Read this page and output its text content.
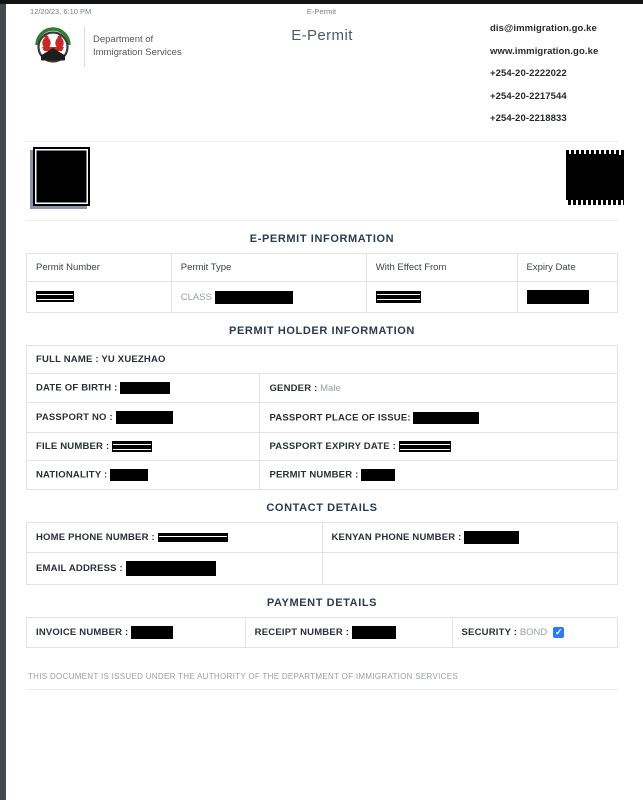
12/20/23, 6:10 PM	E-Permit
Department of
Immigration Services
E-Permit	dis@immigration.go.ke
www.immigration.go.ke
+254-20-2222022
+254-20-2217544
+254-20-2218833
E-PERMIT INFORMATION
Permit Number	Permit Type	With Effect From	Expiry Date
	CLASS		
PERMIT HOLDER INFORMATION
FULL NAME : YU XUEZHAO	
DATE OF BIRTH :	GENDER : Male
PASSPORT NO :	PASSPORT PLACE OF ISSUE:
FILE NUMBER :	PASSPORT EXPIRY DATE :
NATIONALITY :	PERMIT NUMBER :
CONTACT DETAILS
HOME PHONE NUMBER :	KENYAN PHONE NUMBER :
EMAIL ADDRESS :	
PAYMENT DETAILS
INVOICE NUMBER :	RECEIPT NUMBER :	SECURITY : BOND ✓
THIS DOCUMENT IS ISSUED UNDER THE AUTHORITY OF THE DEPARTMENT OF IMMIGRATION SERVICES
